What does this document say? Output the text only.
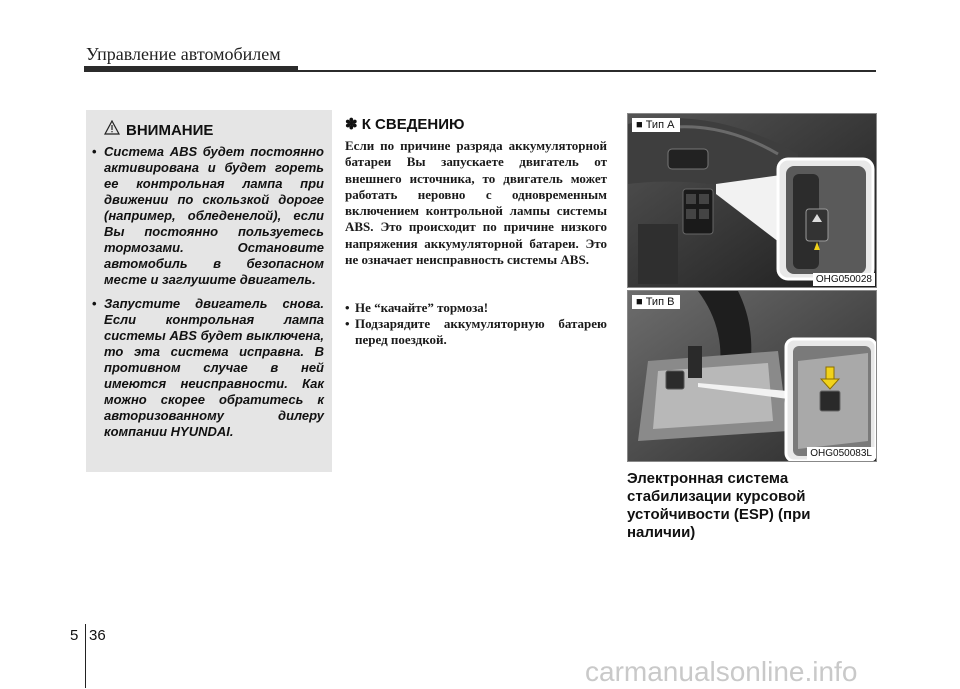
Управление автомобилем
ВНИМАНИЕ
• Система ABS будет постоянно активирована и будет гореть ее контрольная лампа при движении по скользкой дороге (например, обледенелой), если Вы постоянно пользуетесь тормозами. Остановите автомобиль в безопасном месте и заглушите двигатель.
• Запустите двигатель снова. Если контрольная лампа системы ABS будет выключена, то эта система исправна. В противном случае в ней имеются неисправности. Как можно скорее обратитесь к авторизованному дилеру компании HYUNDAI.
✽ К СВЕДЕНИЮ
Если по причине разряда аккумуляторной батареи Вы запускаете двигатель от внешнего источника, то двигатель может работать неровно с одновременным включением контрольной лампы системы ABS. Это происходит по причине низкого напряжения аккумуляторной батареи. Это не означает неисправность системы ABS.
• Не “качайте” тормоза!
• Подзарядите аккумуляторную батарею перед поездкой.
■ Тип А
OHG050028
■ Тип В
OHG050083L
Электронная система стабилизации курсовой устойчивости (ESP) (при наличии)
5 36
carmanualsonline.info
